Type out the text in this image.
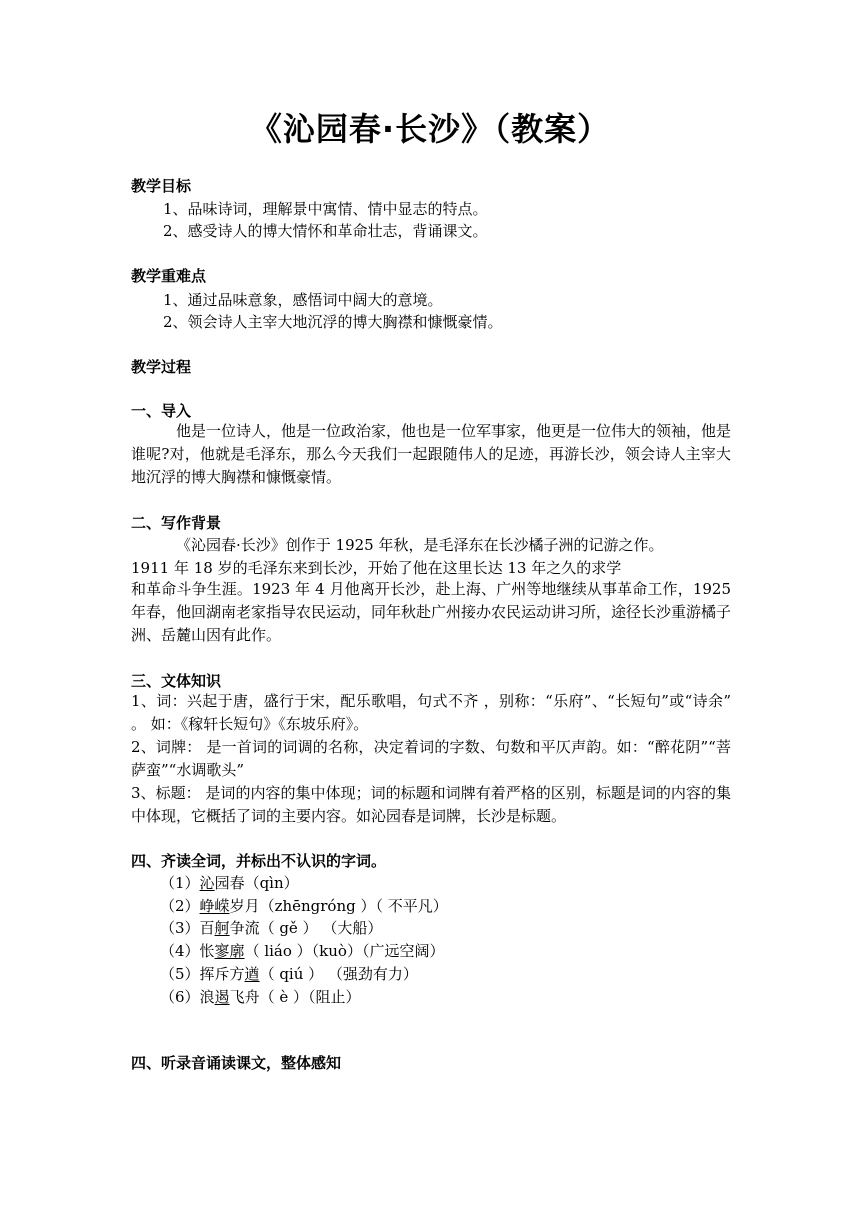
《沁园春·长沙》（教案）
教学目标
1、品味诗词，理解景中寓情、情中显志的特点。
2、感受诗人的博大情怀和革命壮志，背诵课文。
教学重难点
1、通过品味意象，感悟词中阔大的意境。
2、领会诗人主宰大地沉浮的博大胸襟和慷慨豪情。
教学过程
一、导入
他是一位诗人，他是一位政治家，他也是一位军事家，他更是一位伟大的领袖，他是谁呢?对，他就是毛泽东，那么今天我们一起跟随伟人的足迹，再游长沙，领会诗人主宰大地沉浮的博大胸襟和慷慨豪情。
二、写作背景
《沁园春·长沙》创作于 1925 年秋，是毛泽东在长沙橘子洲的记游之作。
1911 年 18 岁的毛泽东来到长沙，开始了他在这里长达 13 年之久的求学
和革命斗争生涯。1923 年 4 月他离开长沙，赴上海、广州等地继续从事革命工作，1925 年春，他回湖南老家指导农民运动，同年秋赴广州接办农民运动讲习所，途径长沙重游橘子洲、岳麓山因有此作。
三、文体知识
1、词：兴起于唐，盛行于宋，配乐歌唱，句式不齐 ，别称：“乐府”、“长短句”或“诗余” 。 如：《稼轩长短句》《东坡乐府》。
2、词牌： 是一首词的词调的名称，决定着词的字数、句数和平仄声韵。如：“醉花阴”“菩萨蛮”“水调歌头”
3、标题： 是词的内容的集中体现；词的标题和词牌有着严格的区别，标题是词的内容的集中体现，它概括了词的主要内容。如沁园春是词牌，长沙是标题。
四、齐读全词，并标出不认识的字词。
（1）沁园春（qìn）
（2）峥嵘岁月（zhēngróng ）（ 不平凡）
（3）百舸争流（ gě ） （大船）
（4）怅寥廓（ liáo ）（kuò）（广远空阔）
（5）挥斥方遒（ qiú ） （强劲有力）
（6）浪遏飞舟（ è ）（阻止）
四、听录音诵读课文，整体感知
